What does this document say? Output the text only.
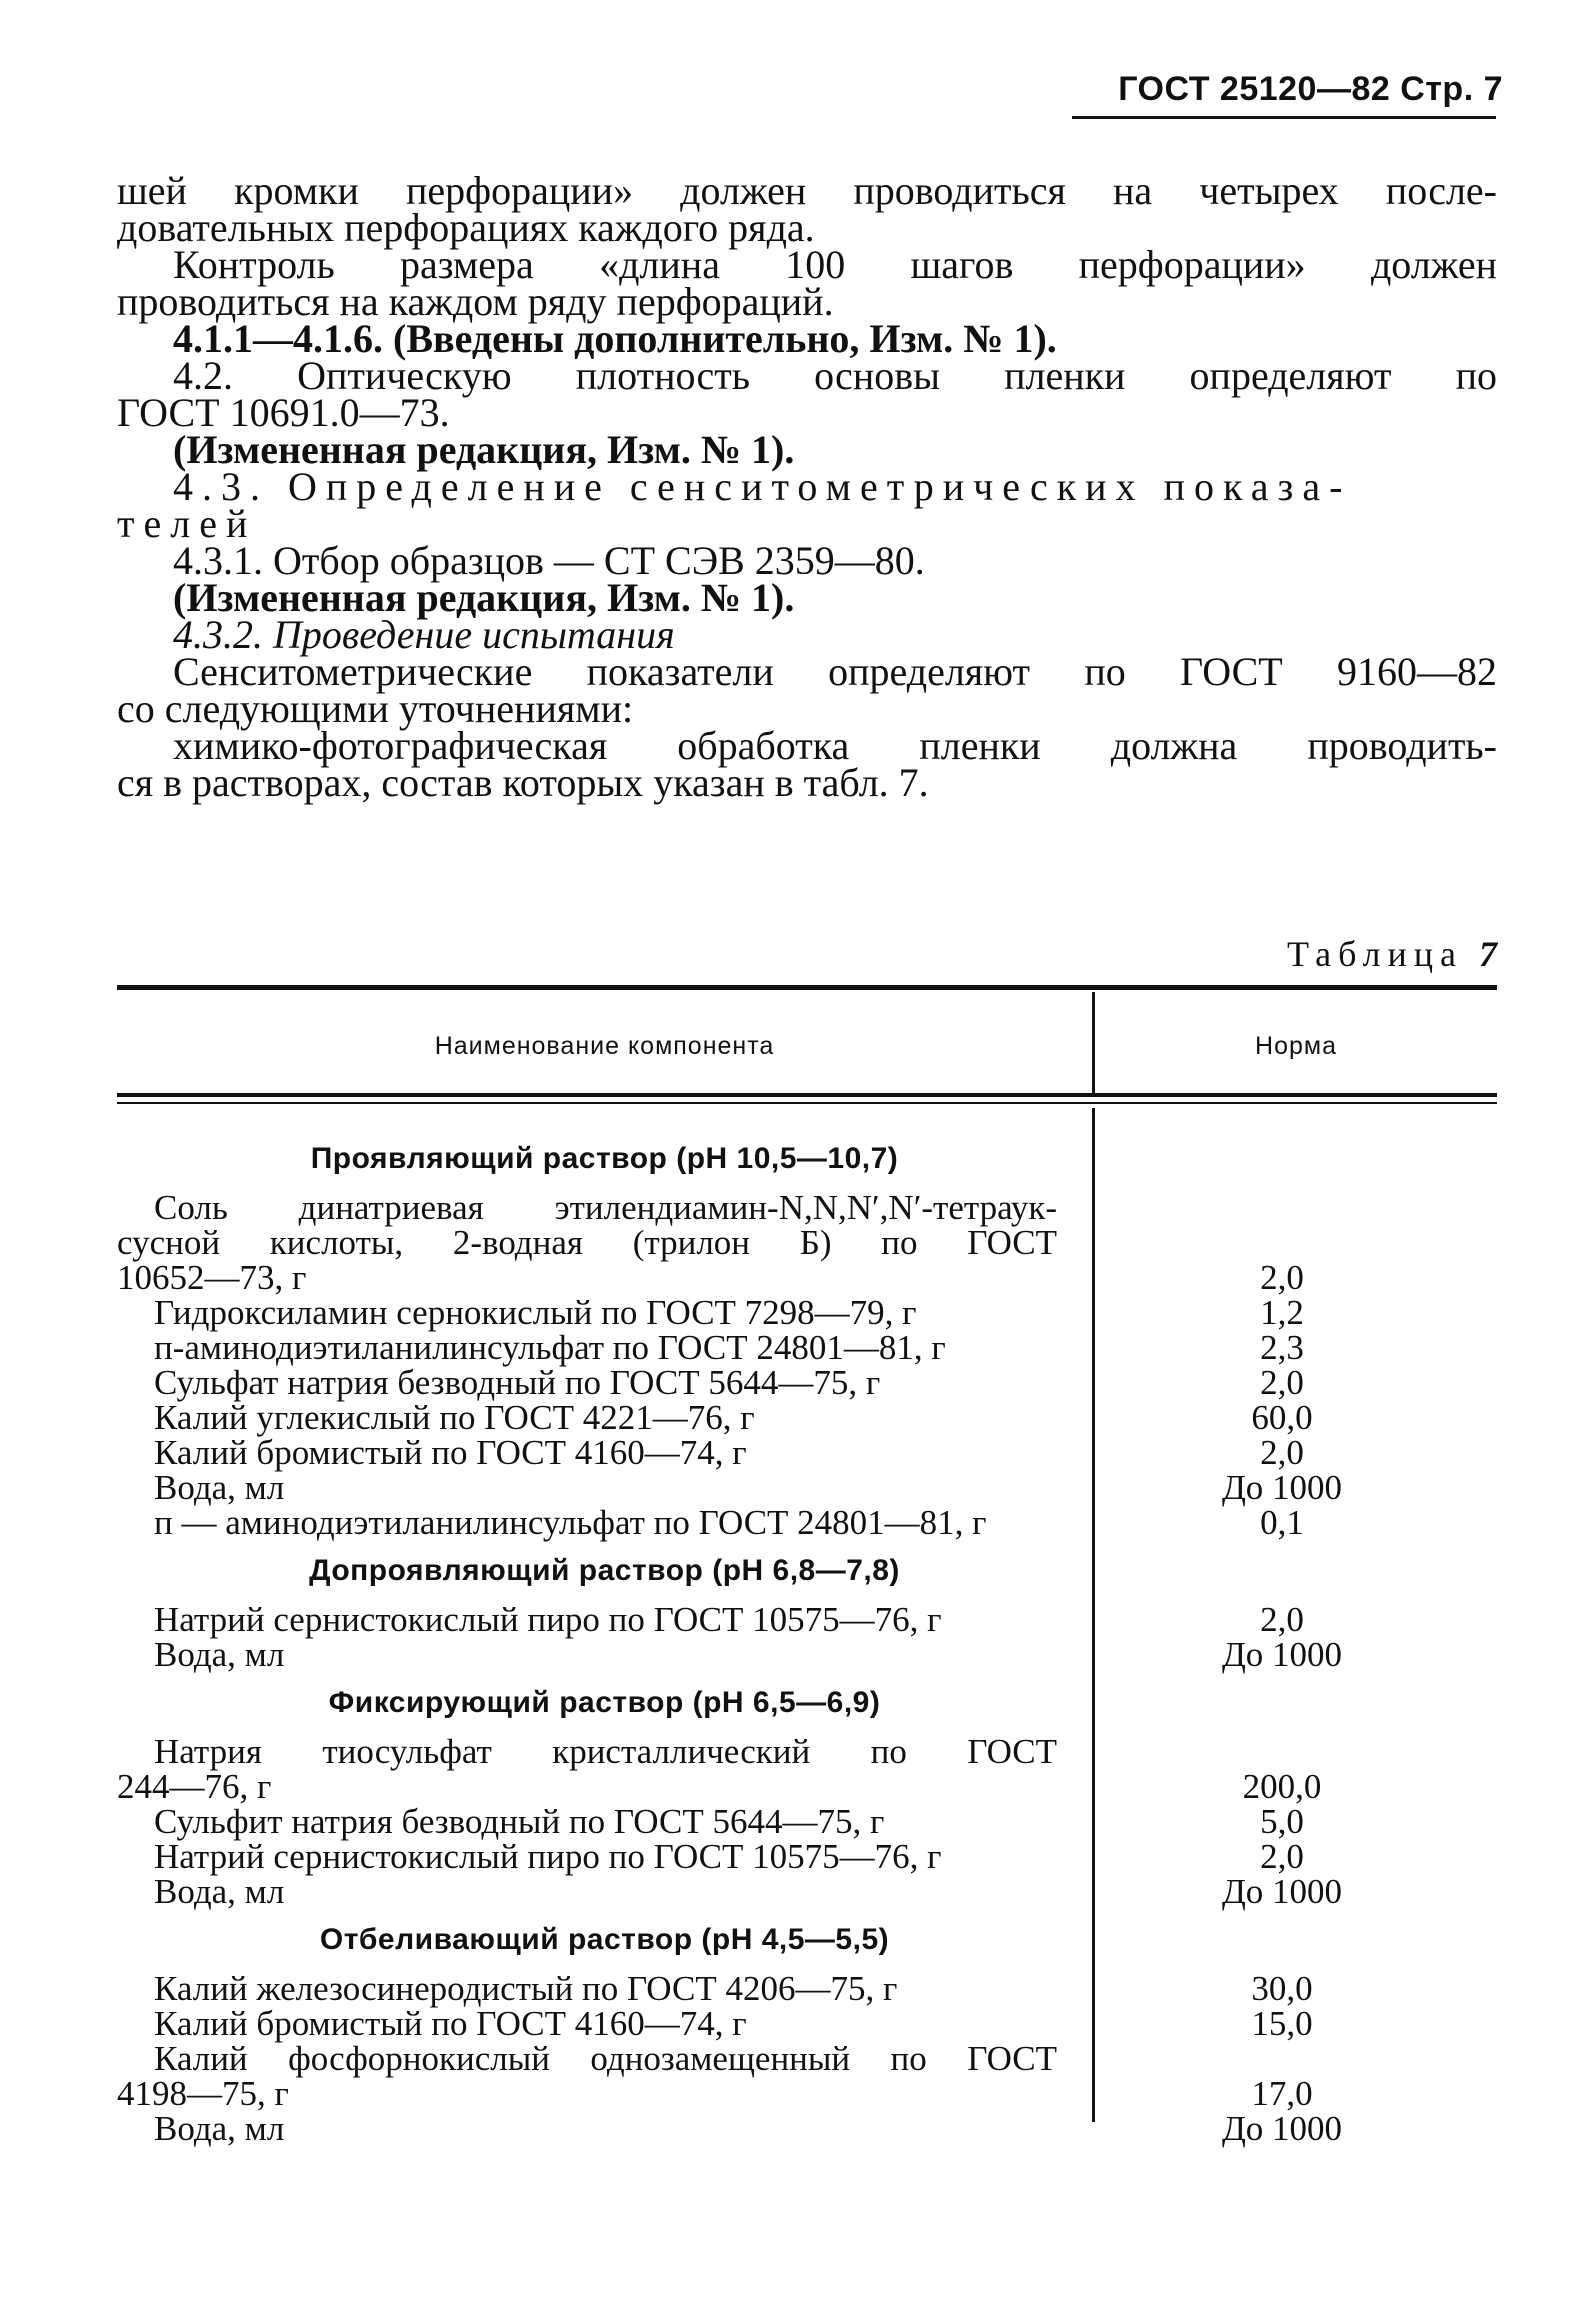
ГОСТ 25120—82 Стр. 7
шей кромки перфорации» должен проводиться на четырех после-
довательных перфорациях каждого ряда.
Контроль размера «длина 100 шагов перфорации» должен
проводиться на каждом ряду перфораций.
4.1.1—4.1.6. (Введены дополнительно, Изм. № 1).
4.2. Оптическую плотность основы пленки определяют по
ГОСТ 10691.0—73.
(Измененная редакция, Изм. № 1).
4.3. Определение сенситометрических показа-
телей
4.3.1. Отбор образцов — СТ СЭВ 2359—80.
(Измененная редакция, Изм. № 1).
4.3.2. Проведение испытания
Сенситометрические показатели определяют по ГОСТ 9160—82
со следующими уточнениями:
химико-фотографическая обработка пленки должна проводить-
ся в растворах, состав которых указан в табл. 7.
Таблица 7
Наименование компонента	Норма
Проявляющий раствор (рН 10,5—10,7)
Соль динатриевая этилендиамин-N,N,N′,N′-тетраук-
сусной кислоты, 2-водная (трилон Б) по ГОСТ
10652—73, г	2,0
Гидроксиламин сернокислый по ГОСТ 7298—79, г	1,2
п-аминодиэтиланилинсульфат по ГОСТ 24801—81, г	2,3
Сульфат натрия безводный по ГОСТ 5644—75, г	2,0
Калий углекислый по ГОСТ 4221—76, г	60,0
Калий бромистый по ГОСТ 4160—74, г	2,0
Вода, мл	До 1000
п — аминодиэтиланилинсульфат по ГОСТ 24801—81, г	0,1
Допроявляющий раствор (рН 6,8—7,8)
Натрий сернистокислый пиро по ГОСТ 10575—76, г	2,0
Вода, мл	До 1000
Фиксирующий раствор (рН 6,5—6,9)
Натрия тиосульфат кристаллический по ГОСТ
244—76, г	200,0
Сульфит натрия безводный по ГОСТ 5644—75, г	5,0
Натрий сернистокислый пиро по ГОСТ 10575—76, г	2,0
Вода, мл	До 1000
Отбеливающий раствор (рН 4,5—5,5)
Калий железосинеродистый по ГОСТ 4206—75, г	30,0
Калий бромистый по ГОСТ 4160—74, г	15,0
Калий фосфорнокислый однозамещенный по ГОСТ
4198—75, г	17,0
Вода, мл	До 1000
